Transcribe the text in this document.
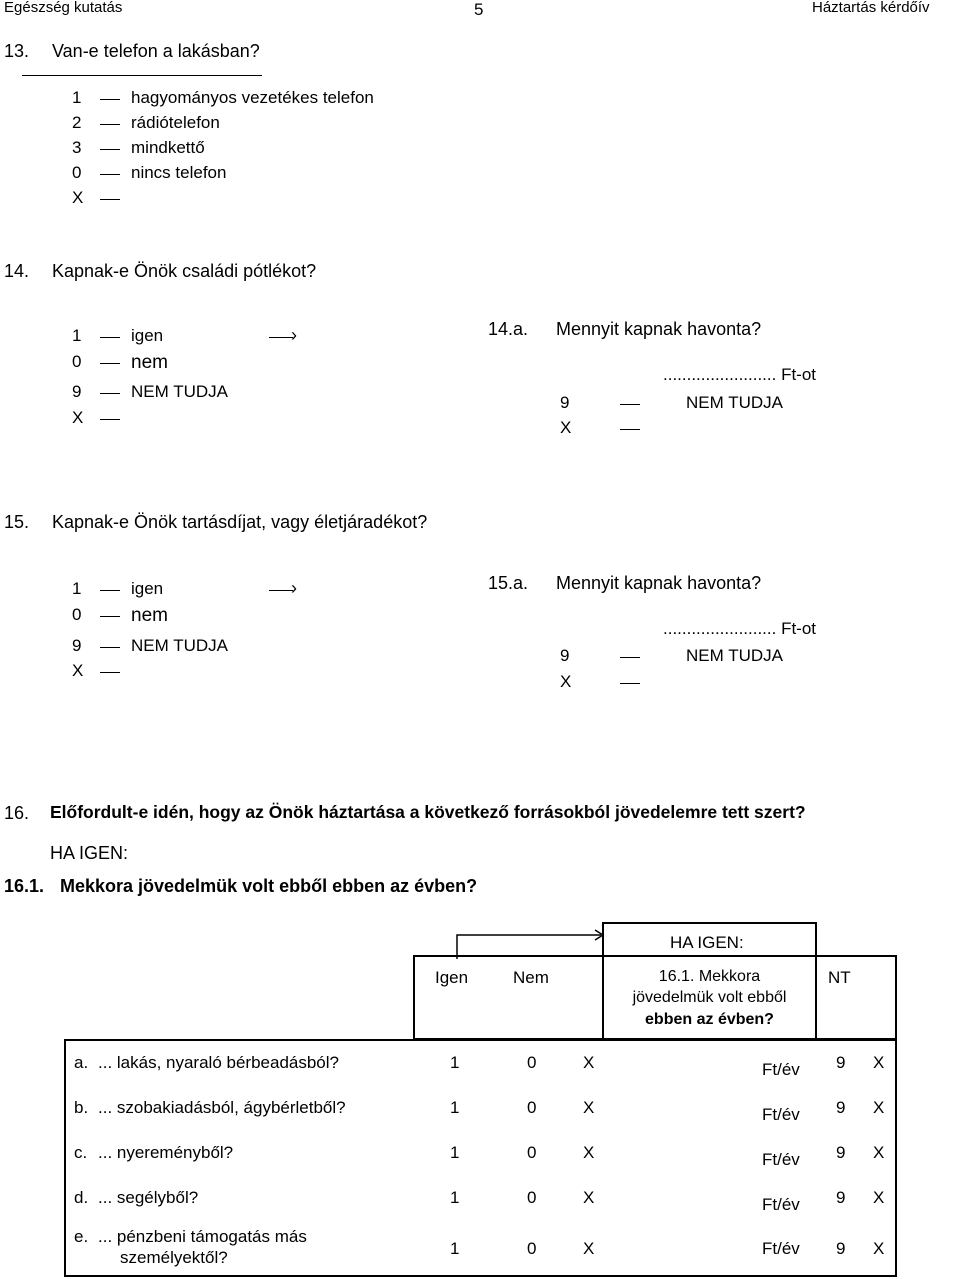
Egészség kutatás	5	Háztartás kérdőív
13. Van-e telefon a lakásban?
1	hagyományos vezetékes telefon
2	rádiótelefon
3	mindkettő
0	nincs telefon
X
14. Kapnak-e Önök családi pótlékot?
1	igen
0	nem
9	NEM TUDJA
X
›	14.a. Mennyit kapnak havonta?
........................ Ft-ot
9	NEM TUDJA
X
15. Kapnak-e Önök tartásdíjat, vagy életjáradékot?
1	igen
0	nem
9	NEM TUDJA
X
›	15.a. Mennyit kapnak havonta?
........................ Ft-ot
9	NEM TUDJA
X
16. Előfordult-e idén, hogy az Önök háztartása a következő forrásokból jövedelemre tett szert?
HA IGEN:
16.1. Mekkora jövedelmük volt ebből ebben az évben?
HA IGEN:
Igen	Nem	16.1. Mekkora
jövedelmük volt ebből
ebben az évben?
NT
a. ... lakás, nyaraló bérbeadásból?	1	0	X	Ft/év 9 X
b. ... szobakiadásból, ágybérletből?	1	0	X	Ft/év 9 X
c. ... nyereményből?	1	0	X	Ft/év 9 X
d. ... segélyből?	1	0	X	Ft/év 9 X
e. ... pénzbeni támogatás más
személyektől?	1	0	X	Ft/év 9 X
